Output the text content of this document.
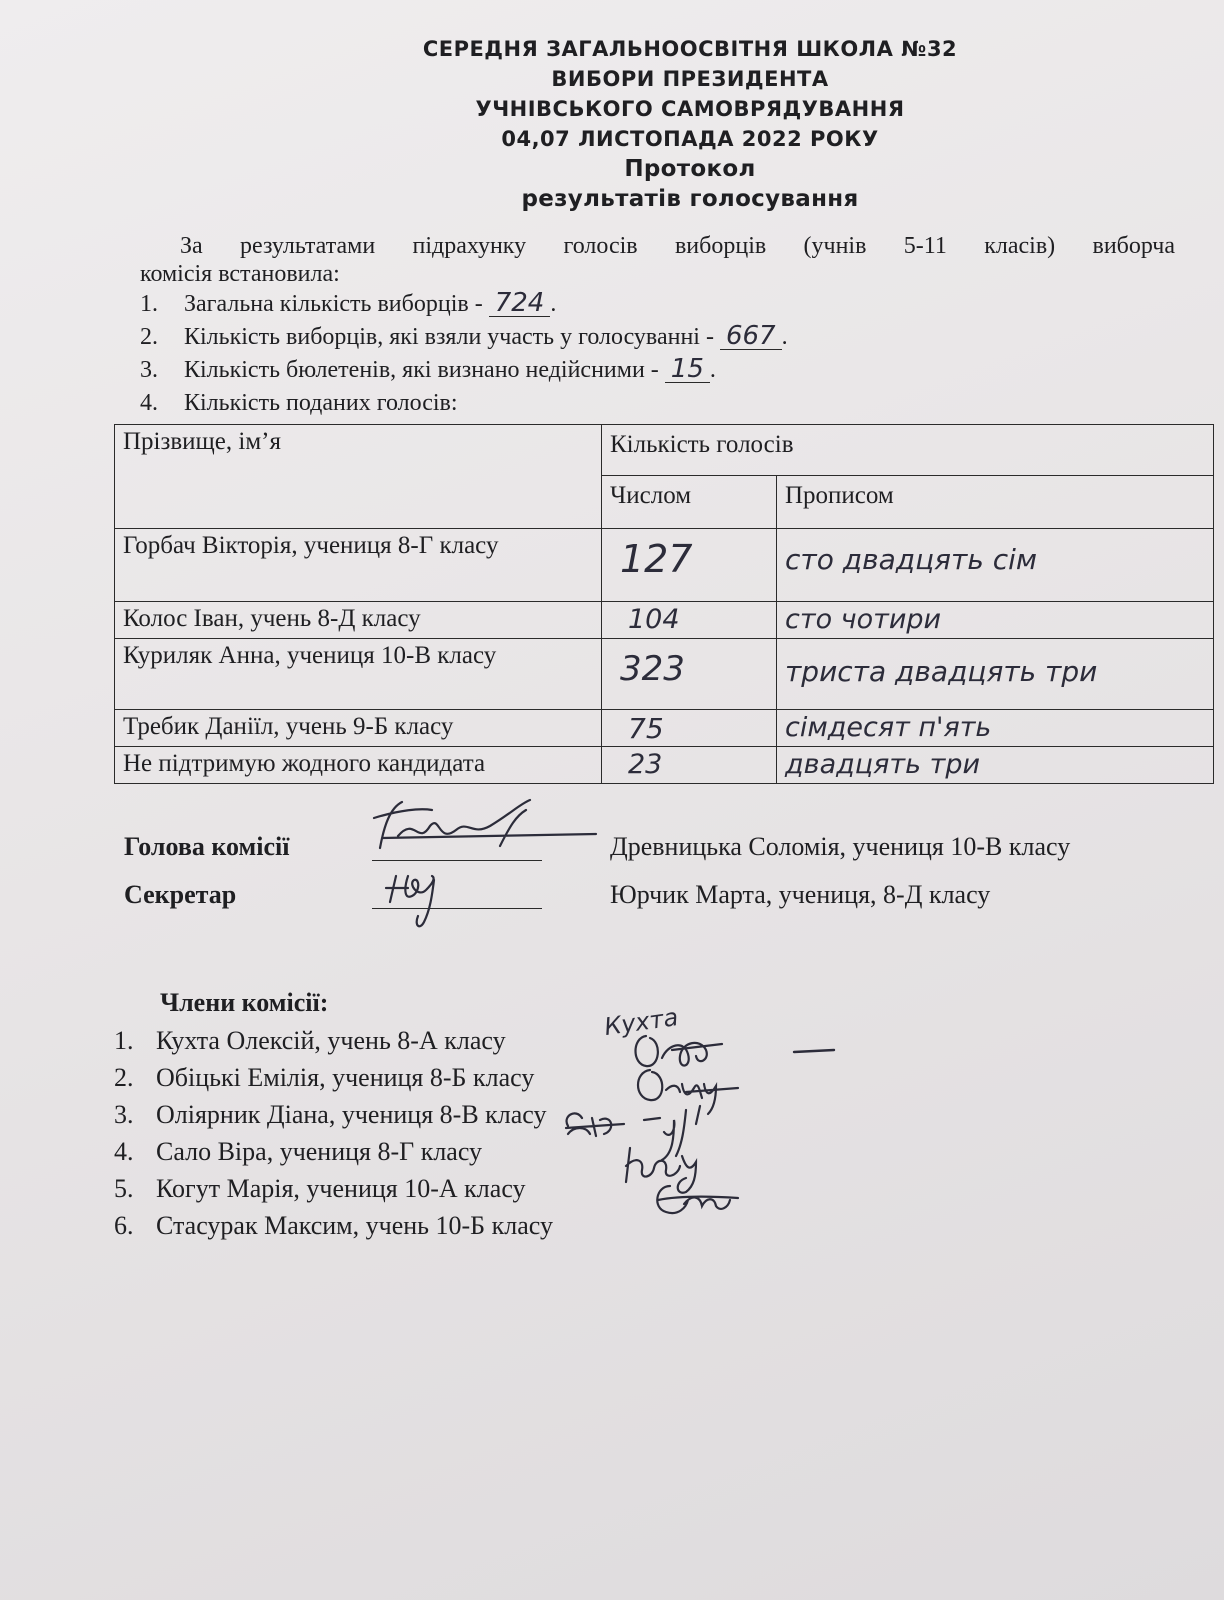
СЕРЕДНЯ ЗАГАЛЬНООСВІТНЯ ШКОЛА №32
ВИБОРИ ПРЕЗИДЕНТА
УЧНІВСЬКОГО САМОВРЯДУВАННЯ
04,07 ЛИСТОПАДА 2022 РОКУ
Протокол
результатів голосування
За результатами підрахунку голосів виборців (учнів 5-11 класів) виборча
комісія встановила:
1. Загальна кількість виборців - 724 .
2. Кількість виборців, які взяли участь у голосуванні - 667 .
3. Кількість бюлетенів, які визнано недійсними - 15 .
4. Кількість поданих голосів:
Прізвище, ім’я	Кількість голосів	
	Числом	Прописом
Горбач Вікторія, учениця 8-Г класу	127	сто двадцять сім
Колос Іван, учень 8-Д класу	104	сто чотири
Куриляк Анна, учениця 10-В класу	323	триста двадцять три
Требик Даніїл, учень 9-Б класу	75	сімдесят п'ять
Не підтримую жодного кандидата	23	двадцять три
Голова комісії	Древницька Соломія, учениця 10-В класу
Секретар	Юрчик Марта, учениця, 8-Д класу
Члени комісії:
1. Кухта Олексій, учень 8-А класу
2. Обіцькі Емілія, учениця 8-Б класу
3. Оліярник Діана, учениця 8-В класу
4. Сало Віра, учениця 8-Г класу
5. Когут Марія, учениця 10-А класу
6. Стасурак Максим, учень 10-Б класу
Кухта
